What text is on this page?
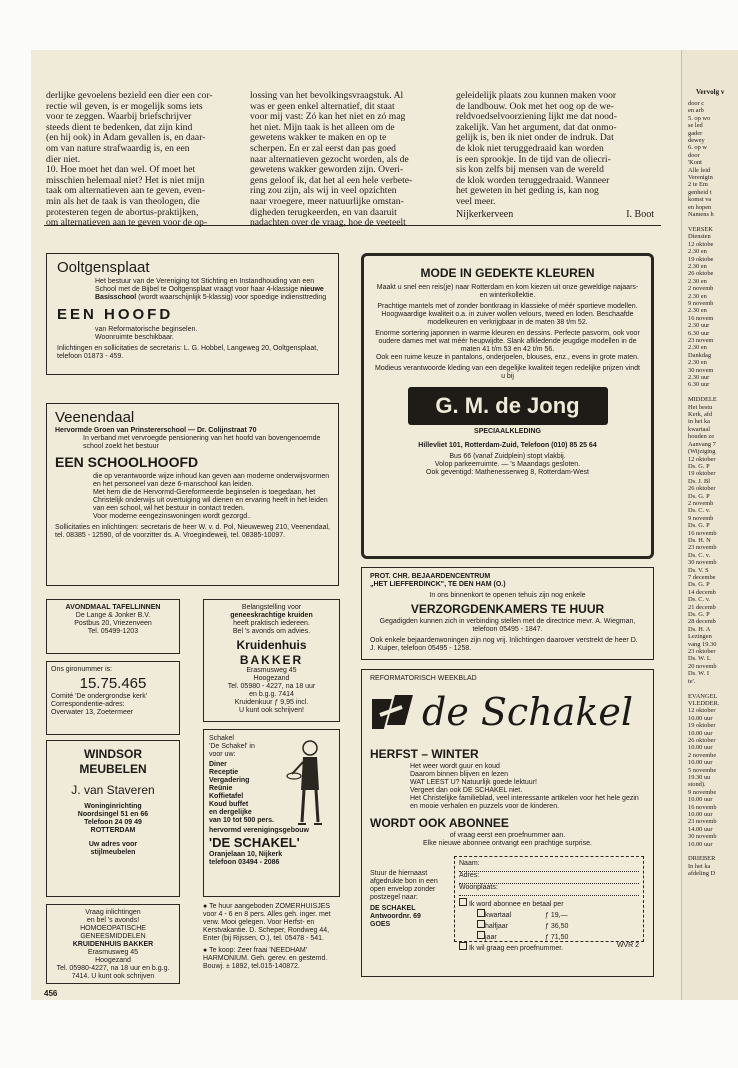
derlijke gevoelens bezield een dier een cor-
rectie wil geven, is er mogelijk soms iets
voor te zeggen. Waarbij briefschrijver
steeds dient te bedenken, dat zijn kind
(en hij ook) in Adam gevallen is, en daar-
om van nature strafwaardig is, en een
dier niet.
10. Hoe moet het dan wel. Of moet het
misschien helemaal niet? Het is niet mijn
taak om alternatieven aan te geven, even-
min als het de taak is van theologen, die
protesteren tegen de abortus-praktijken,
om alternatieven aan te geven voor de op-
lossing van het bevolkingsvraagstuk. Al
was er geen enkel alternatief, dit staat
voor mij vast: Zó kan het niet en zó mag
het niet. Mijn taak is het alleen om de
gewetens wakker te maken en op te
scherpen. En er zal eerst dan pas goed
naar alternatieven gezocht worden, als de
gewetens wakker geworden zijn. Overi-
gens geloof ik, dat het al een hele verbete-
ring zou zijn, als wij in veel opzichten
naar vroegere, meer natuurlijke omstan-
digheden terugkeerden, en van daaruit
nadachten over de vraag, hoe de veeteelt
geleidelijk plaats zou kunnen maken voor
de landbouw. Ook met het oog op de we-
reldvoedselvoorziening lijkt me dat nood-
zakelijk. Van het argument, dat dat onmo-
gelijk is, ben ik niet onder de indruk. Dat
de klok niet teruggedraaid kan worden
is een sprookje. In de tijd van de oliecri-
sis kon zelfs bij mensen van de wereld
de klok worden teruggedraaid. Wanneer
het geweten in het geding is, kan nog
veel meer.
Nijkerkerveen	I. Boot
Ooltgensplaat
Het bestuur van de Vereniging tot Stichting en Instandhouding van een School met de Bijbel te Ooltgensplaat vraagt voor haar 4-klassige nieuwe Basisschool (wordt waarschijnlijk 5-klassig) voor spoedige indiensttreding
EEN HOOFD
van Reformatorische beginselen.
Woonruimte beschikbaar.
Inlichtingen en sollicitaties de secretaris: L. G. Hobbel, Langeweg 20, Ooltgensplaat, telefoon 01873 - 459.
Veenendaal
Hervormde Groen van Prinstererschool — Dr. Colijnstraat 70
In verband met vervroegde pensionering van het hoofd van bovengenoemde school zoekt het bestuur
EEN SCHOOLHOOFD
die op verantwoorde wijze inhoud kan geven aan moderne onderwijsvormen en het personeel van deze 6-manschool kan leiden.
Met hem die de Hervormd-Gereformeerde beginselen is toegedaan, het Christelijk onderwijs uit overtuiging wil dienen en ervaring heeft in het leiden van een school, wil het bestuur in contact treden.
Voor moderne eengezinswoningen wordt gezorgd..
Sollicitaties en inlichtingen: secretaris de heer W. v. d. Pol, Nieuweweg 210, Veenendaal, tel. 08385 - 12590, of de voorzitter ds. A. Vroegindeweij, tel. 08385-10097.
AVONDMAAL TAFELLINNEN
De Lange & Jonker B.V.
Postbus 20, Vriezenveen
Tel. 05499-1203
Ons gironummer is:
15.75.465
Comité 'De ondergrondse kerk'
Correspondentie-adres:
Overwater 13, Zoetermeer
WINDSOR MEUBELEN
J. van Staveren
Woninginrichting
Noordsingel 51 en 66
Telefoon 24 09 49
ROTTERDAM
Uw adres voor
stijlmeubelen
Vraag inlichtingen
en bel 's avonds!
HOMOEOPATISCHE GENEESMIDDELEN
KRUIDENHUIS BAKKER
Erasmusweg 45
Hoogezand
Tel. 05980-4227, na 18 uur en b.g.g. 7414. U kunt ook schrijven
Belangstelling voor
geneeskrachtige kruiden
heeft praktisch iedereen.
Bel 's avonds om advies.
Kruidenhuis
BAKKER
Erasmusweg 45
Hoogezand
Tel. 05980 - 4227, na 18 uur
en b.g.g. 7414
Kruidenkuur ƒ 9,95 incl.
U kunt ook schrijven!
Schakel
'De Schakel' in
voor uw:
Diner
Receptie
Vergadering
Reünie
Koffietafel
Koud buffet
en dergelijke
van 10 tot 500 pers.
hervormd verenigingsgebouw
'DE SCHAKEL'
Oranjelaan 10, Nijkerk
telefoon 03494 - 2086
● Te huur aangeboden ZOMERHUISJES voor 4 - 6 en 8 pers. Alles geh. inger. met verw. Mooi gelegen. Voor Herfst- en Kerstvakantie. D. Scheper, Rondweg 44, Enter (bij Rijssen, O.), tel. 05478 - 541.
● Te koop: Zeer fraai 'NEEDHAM' HARMONIUM. Geh. gerev. en gestemd. Bouwj. ± 1892, tel.015-140872.
MODE IN GEDEKTE KLEUREN
Maakt u snel een reis(je) naar Rotterdam en kom kiezen uit onze geweldige najaars- en winterkollektie.
Prachtige mantels met of zonder bontkraag in klassieke of méér sportieve modellen. Hoogwaardige kwaliteit o.a. in zuiver wollen velours, tweed en loden. Beschaafde modelkeuren en verkrijgbaar in de maten 38 t/m 52.
Enorme sortering japonnen in warme kleuren en dessins. Perfecte pasvorm, ook voor oudere dames met wat méér heupwijdte. Slank afkledende jeugdige modellen in de maten 41 t/m 53 en 42 t/m 56.
Ook een ruime keuze in pantalons, onderjoelen, blouses, enz., evens in grote maten.
Modieus verantwoorde kleding van een degelijke kwaliteit tegen redelijke prijzen vindt u bij
G. M. de Jong
SPECIAALKLEDING
Hillevliet 101, Rotterdam-Zuid, Telefoon (010) 85 25 64
Bus 66 (vanaf Zuidplein) stopt vlakbij.
Volop parkeerruimte. — 's Maandags gesloten.
Ook geventigd: Mathenesserweg 8, Rotterdam-West
PROT. CHR. BEJAARDENCENTRUM
„HET LIEFFERDINCK", TE DEN HAM (O.)
In ons binnenkort te openen tehuis zijn nog enkele
VERZORGDENKAMERS TE HUUR
Gegadigden kunnen zich in verbinding stellen met de directrice mevr. A. Wiegman, telefoon 05495 - 1847.
Ook enkele bejaardenwoningen zijn nog vrij. Inlichtingen daarover verstrekt de heer D. J. Kuiper, telefoon 05495 - 1258.
REFORMATORISCH WEEKBLAD
de Schakel
HERFST – WINTER
Het weer wordt guur en koud
Daarom binnen blijven en lezen
WAT LEEST U? Natuurlijk goede lektuur!
Vergeet dan ook DE SCHAKEL niet.
Het Christelijke familieblad, veel interessante artikelen voor het hele gezin en mooie verhalen en puzzels voor de kinderen.
WORDT OOK ABONNEE
of vraag eerst een proefnummer aan.
Elke nieuwe abonnee ontvangt een prachtige surprise.
Stuur de hiernaast afgedrukte bon in een open envelop zonder postzegel naar:
DE SCHAKEL
Antwoordnr. 69
GOES
Naam:
Adres:
Woonplaats:
Ik word abonnee en betaal per
kwartaal	ƒ 19,—
halfjaar	ƒ 36,50
jaar	ƒ 71,50
Ik wil graag een proefnummer.	WVR 2
Vervolg v
door c
en arb
5. op wo
se led
gader
dewey
6. op w
door
'Kont
Alle leid
Verenigin
2 te Em
genheid t
komst va
en hopen
Namens h

VERSEK
Diensten
12 oktobe
2.30 en
19 oktobe
2.30 en
26 oktobe
2.30 en
2 novemb
2.30 en
9 novemb
2.30 en
16 novem
2.30 uur
6.30 uur
23 novem
2.30 en
Dankdag
2.30 en
30 novem
2.30 uur
6.30 uur

MIDDELE
Het bestu
Kerk, afd
in het ka
kwartaal
houden ze
Aanvang 7
(Wijziging
12 oktober
Ds. G. P
19 oktober
Ds. J. Bl
26 oktober
Ds. G. P
2 novemb
Ds. C. v.
9 novemb
Ds. G. P
16 novemb
Ds. H. N
23 novemb
Ds. C. v.
30 novemb
Ds. V. S
7 decembe
Ds. G. P
14 decemb
Ds. C. v.
21 decemb
Ds. G. P
28 decemb
Ds. H. A
Lezingen
vang 19.30
23 oktober
Ds. W. L
20 novemb
Ds. W. I
te'.

EVANGEL
VLEDDER.
12 oktober
10.00 uur
19 oktober
10.00 uur
26 oktober
10.00 uur
2 novembe
10.00 uur
5 novembe
19.30 uu
stond).
9 novembe
10.00 uur
16 novemb
10.00 uur
23 novemb
14.00 uur
30 novemb
10.00 uur

DRIEBER
In het ka
afdeling D
456
